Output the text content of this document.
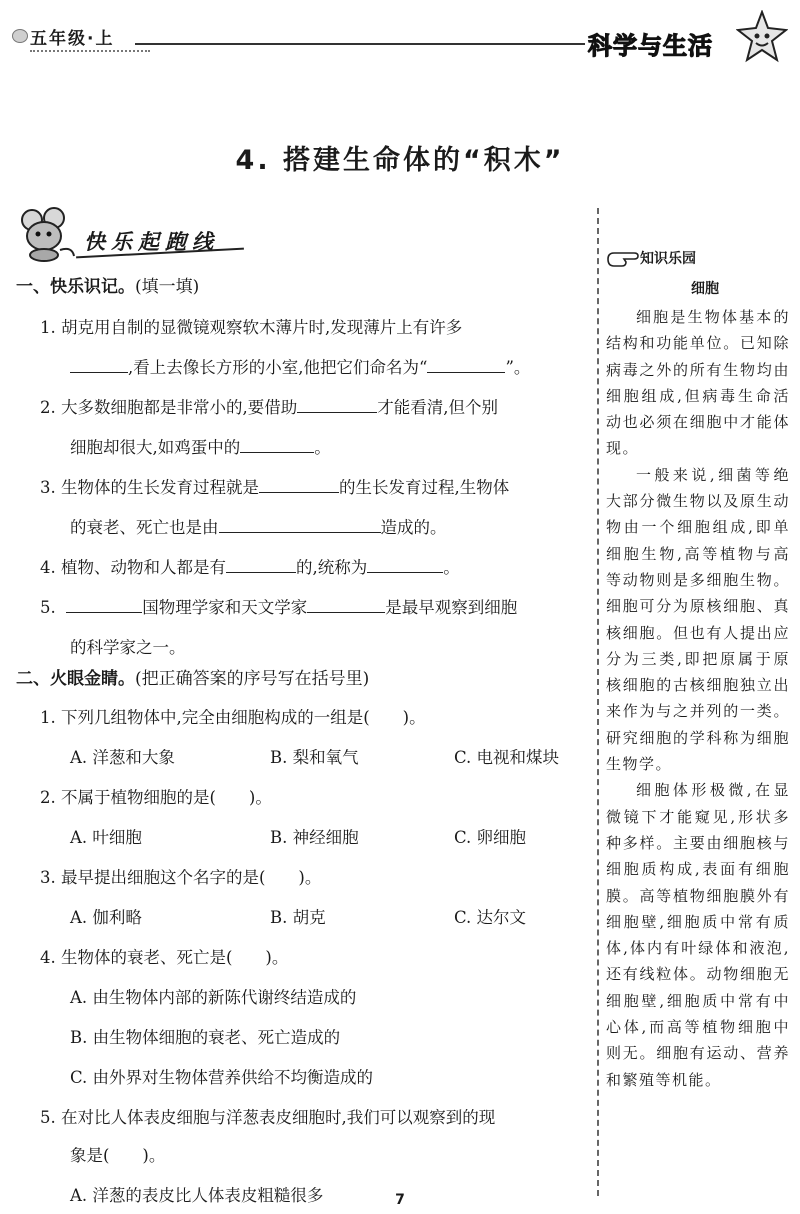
五年级·上	科学与生活
4. 搭建生命体的“积木”
快乐起跑线
一、快乐识记。(填一填)
1. 胡克用自制的显微镜观察软木薄片时,发现薄片上有许多
,看上去像长方形的小室,他把它们命名为“	”。
2. 大多数细胞都是非常小的,要借助	才能看清,但个别
细胞却很大,如鸡蛋中的	。
3. 生物体的生长发育过程就是	的生长发育过程,生物体
的衰老、死亡也是由	造成的。
4. 植物、动物和人都是有	的,统称为	。
5.	国物理学家和天文学家	是最早观察到细胞
的科学家之一。
二、火眼金睛。(把正确答案的序号写在括号里)
1. 下列几组物体中,完全由细胞构成的一组是(　　)。
A. 洋葱和大象	B. 梨和氧气	C. 电视和煤块
2. 不属于植物细胞的是(　　)。
A. 叶细胞	B. 神经细胞	C. 卵细胞
3. 最早提出细胞这个名字的是(　　)。
A. 伽利略	B. 胡克	C. 达尔文
4. 生物体的衰老、死亡是(　　)。
A. 由生物体内部的新陈代谢终结造成的
B. 由生物体细胞的衰老、死亡造成的
C. 由外界对生物体营养供给不均衡造成的
5. 在对比人体表皮细胞与洋葱表皮细胞时,我们可以观察到的现
象是(　　)。
A. 洋葱的表皮比人体表皮粗糙很多
知识乐园
细胞

细胞是生物体基本的结构和功能单位。已知除病毒之外的所有生物均由细胞组成,但病毒生命活动也必须在细胞中才能体现。

一般来说,细菌等绝大部分微生物以及原生动物由一个细胞组成,即单细胞生物,高等植物与高等动物则是多细胞生物。细胞可分为原核细胞、真核细胞。但也有人提出应分为三类,即把原属于原核细胞的古核细胞独立出来作为与之并列的一类。研究细胞的学科称为细胞生物学。

细胞体形极微,在显微镜下才能窥见,形状多种多样。主要由细胞核与细胞质构成,表面有细胞膜。高等植物细胞膜外有细胞壁,细胞质中常有质体,体内有叶绿体和液泡,还有线粒体。动物细胞无细胞壁,细胞质中常有中心体,而高等植物细胞中则无。细胞有运动、营养和繁殖等机能。

7
